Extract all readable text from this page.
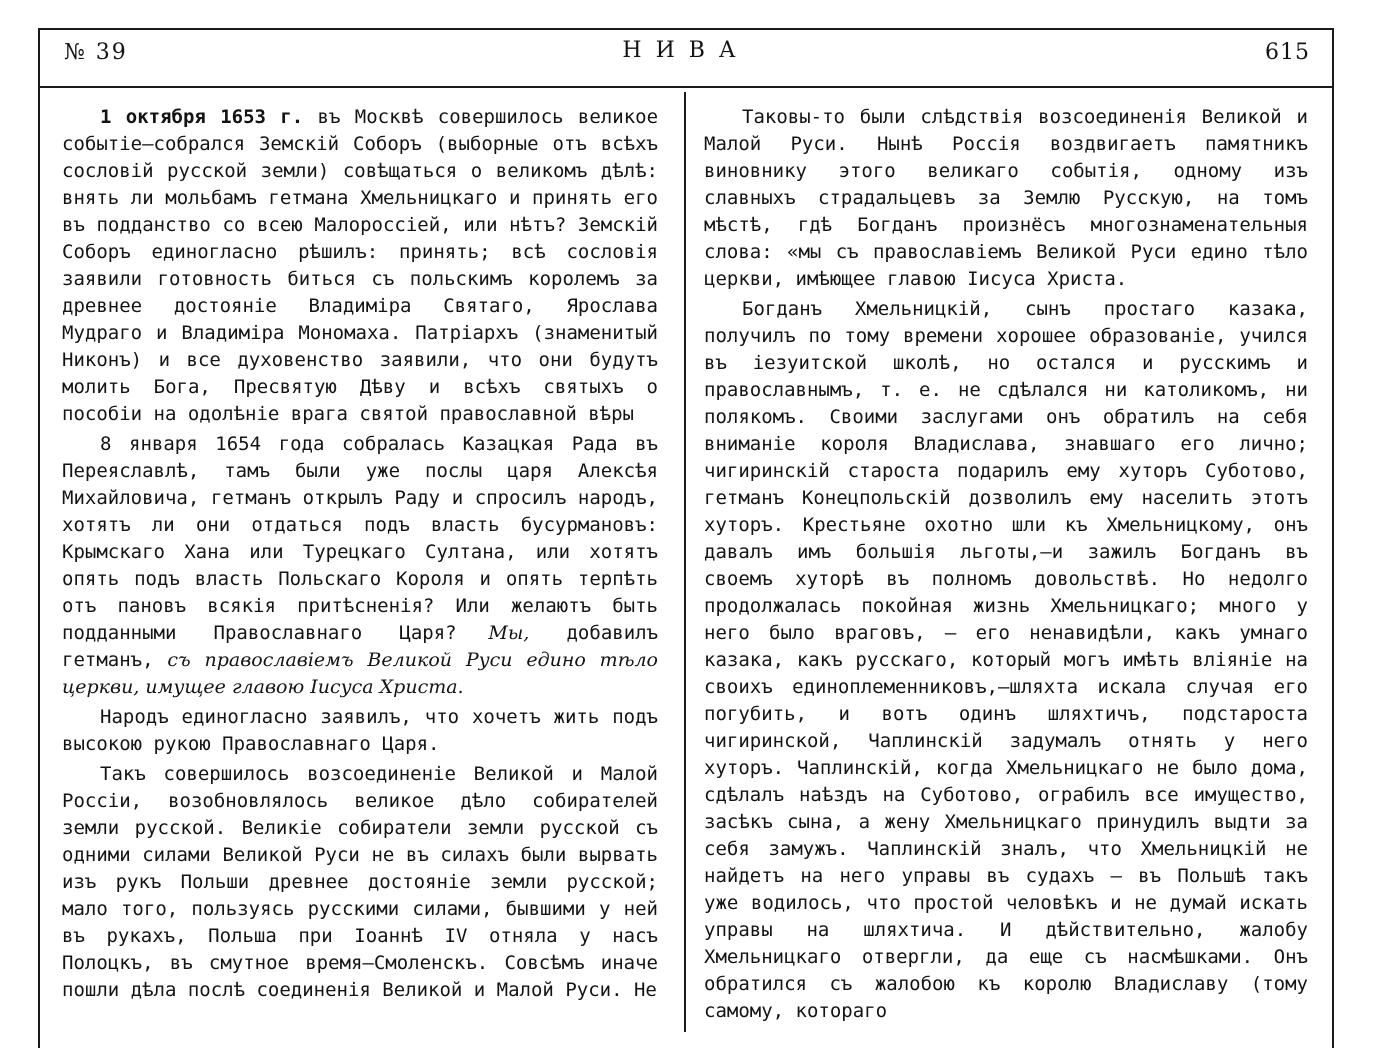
№ 39	НИВА	615

1 октября 1653 г. въ Москвѣ совершилось великое событіе—собрался Земскій Соборъ (выборные отъ всѣхъ сословій русской земли) совѣщаться о великомъ дѣлѣ: внять ли мольбамъ гетмана Хмельницкаго и принять его въ подданство со всею Малороссіей, или нѣтъ? Земскій Соборъ единогласно рѣшилъ: принять; всѣ сословія заявили готовность биться съ польскимъ королемъ за древнее достояніе Владиміра Святаго, Ярослава Мудраго и Владиміра Мономаха. Патріархъ (знаменитый Никонъ) и все духовенство заявили, что они будутъ молить Бога, Пресвятую Дѣву и всѣхъ святыхъ о пособіи на одолѣніе врага святой православной вѣры

8 января 1654 года собралась Казацкая Рада въ Переяславлѣ, тамъ были уже послы царя Алексѣя Михайловича, гетманъ открылъ Раду и спросилъ народъ, хотятъ ли они отдаться подъ власть бусурмановъ: Крымскаго Хана или Турецкаго Султана, или хотятъ опять подъ власть Польскаго Короля и опять терпѣть отъ пановъ всякія притѣсненія? Или желаютъ быть подданными Православнаго Царя? Мы, добавилъ гетманъ, съ православіемъ Великой Руси едино тѣло церкви, имущее главою Іисуса Христа.

Народъ единогласно заявилъ, что хочетъ жить подъ высокою рукою Православнаго Царя.

Такъ совершилось возсоединеніе Великой и Малой Россіи, возобновлялось великое дѣло собирателей земли русской. Великіе собиратели земли русской съ одними силами Великой Руси не въ силахъ были вырвать изъ рукъ Польши древнее достояніе земли русской; мало того, пользуясь русскими силами, бывшими у ней въ рукахъ, Польша при Іоаннѣ IV отняла у насъ Полоцкъ, въ смутное время—Смоленскъ. Совсѣмъ иначе пошли дѣла послѣ соединенія Великой и Малой Руси. Не

Таковы-то были слѣдствія возсоединенія Великой и Малой Руси. Нынѣ Россія воздвигаетъ памятникъ виновнику этого великаго событія, одному изъ славныхъ страдальцевъ за Землю Русскую, на томъ мѣстѣ, гдѣ Богданъ произнёсъ многознаменательныя слова: «мы съ православіемъ Великой Руси едино тѣло церкви, имѣющее главою Іисуса Христа.

Богданъ Хмельницкій, сынъ простаго казака, получилъ по тому времени хорошее образованіе, учился въ іезуитской школѣ, но остался и русскимъ и православнымъ, т. е. не сдѣлался ни католикомъ, ни полякомъ. Своими заслугами онъ обратилъ на себя вниманіе короля Владислава, знавшаго его лично; чигиринскій староста подарилъ ему хуторъ Суботово, гетманъ Конецпольскій дозволилъ ему населить этотъ хуторъ. Крестьяне охотно шли къ Хмельницкому, онъ давалъ имъ большія льготы,—и зажилъ Богданъ въ своемъ хуторѣ въ полномъ довольствѣ. Но недолго продолжалась покойная жизнь Хмельницкаго; много у него было враговъ, — его ненавидѣли, какъ умнаго казака, какъ русскаго, который могъ имѣть вліяніе на своихъ единоплеменниковъ,—шляхта искала случая его погубить, и вотъ одинъ шляхтичъ, подстароста чигиринской, Чаплинскій задумалъ отнять у него хуторъ. Чаплинскій, когда Хмельницкаго не было дома, сдѣлалъ наѣздъ на Суботово, ограбилъ все имущество, засѣкъ сына, а жену Хмельницкаго принудилъ выдти за себя замужъ. Чаплинскій зналъ, что Хмельницкій не найдетъ на него управы въ судахъ — въ Польшѣ такъ уже водилось, что простой человѣкъ и не думай искать управы на шляхтича. И дѣйствительно, жалобу Хмельницкаго отвергли, да еще съ насмѣшками. Онъ обратился съ жалобою къ королю Владиславу (тому самому, котораго
